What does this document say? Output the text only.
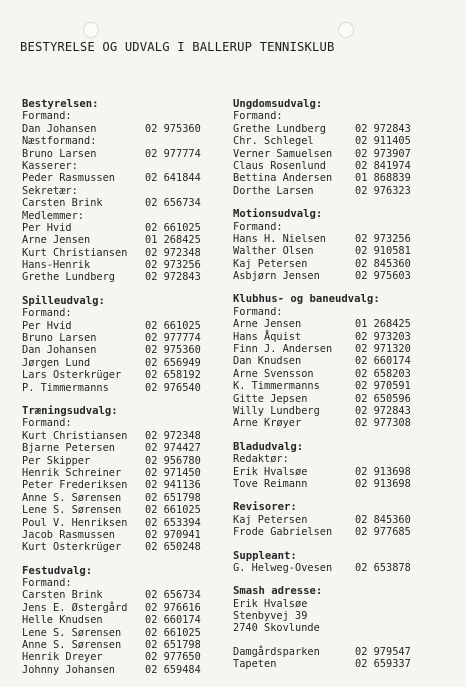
BESTYRELSE OG UDVALG I BALLERUP TENNISKLUB
Bestyrelsen:
Formand:
Dan Johansen	02 975360
Næstformand:
Bruno Larsen	02 977774
Kasserer:
Peder Rasmussen	02 641844
Sekretær:
Carsten Brink	02 656734
Medlemmer:
Per Hvid	02 661025
Arne Jensen	01 268425
Kurt Christiansen 02 972348
Hans-Henrik	02 973256
Grethe Lundberg	02 972843
Spilleudvalg:
Formand:
Per Hvid	02 661025
Bruno Larsen	02 977774
Dan Johansen	02 975360
Jørgen Lund	02 656949
Lars Osterkrüger 02 658192
P. Timmermanns	02 976540
Træningsudvalg:
Formand:
Kurt Christiansen 02 972348
Bjarne Petersen	02 974427
Per Skipper	02 956780
Henrik Schreiner 02 971450
Peter Frederiksen 02 941136
Anne S. Sørensen 02 651798
Lene S. Sørensen 02 661025
Poul V. Henriksen 02 653394
Jacob Rasmussen	02 970941
Kurt Osterkrüger 02 650248
Festudvalg:
Formand:
Carsten Brink	02 656734
Jens E. Østergård 02 976616
Helle Knudsen	02 660174
Lene S. Sørensen 02 661025
Anne S. Sørensen 02 651798
Henrik Dreyer	02 977650
Johnny Johansen	02 659484
Ungdomsudvalg:
Formand:
Grethe Lundberg	02 972843
Chr. Schlegel	02 911405
Verner Samuelsen 02 973907
Claus Rosenlund	02 841974
Bettina Andersen 01 868839
Dorthe Larsen	02 976323
Motionsudvalg:
Formand:
Hans H. Nielsen	02 973256
Walther Olsen	02 910581
Kaj Petersen	02 845360
Asbjørn Jensen	02 975603
Klubhus- og baneudvalg:
Formand:
Arne Jensen	01 268425
Hans Åquist	02 973203
Finn J. Andersen 02 971320
Dan Knudsen	02 660174
Arne Svensson	02 658203
K. Timmermanns	02 970591
Gitte Jepsen	02 650596
Willy Lundberg	02 972843
Arne Krøyer	02 977308
Bladudvalg:
Redaktør:
Erik Hvalsøe	02 913698
Tove Reimann	02 913698
Revisorer:
Kaj Petersen	02 845360
Frode Gabrielsen 02 977685
Suppleant:
G. Helweg-Ovesen 02 653878
Smash adresse:
Erik Hvalsøe
Stenbyvej 39
2740 Skovlunde
Damgårdsparken	02 979547
Tapeten	02 659337
